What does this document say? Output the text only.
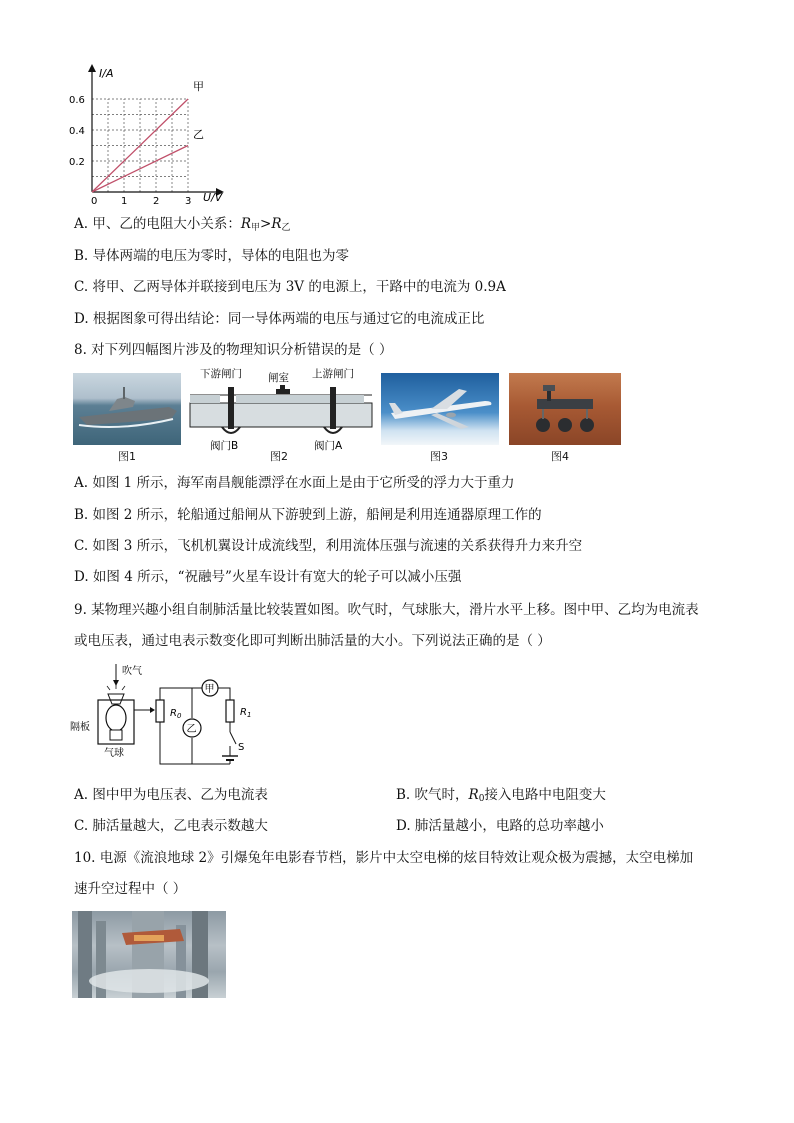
0 1	2	3
0.6
0.4
0.2
I/A
U/V
甲
乙
A. 甲、乙的电阻大小关系：$R_甲>R_乙$
B. 导体两端的电压为零时，导体的电阻也为零
C. 将甲、乙两导体并联接到电压为 3V 的电源上，干路中的电流为 0.9A
D. 根据图象可得出结论：同一导体两端的电压与通过它的电流成正比
8. 对下列四幅图片涉及的物理知识分析错误的是（ ）
下游闸门 闸室 上游闸门
阀门B	阀门A
图1	图2	图3	图4
A. 如图 1 所示，海军南昌舰能漂浮在水面上是由于它所受的浮力大于重力
B. 如图 2 所示，轮船通过船闸从下游驶到上游，船闸是利用连通器原理工作的
C. 如图 3 所示，飞机机翼设计成流线型，利用流体压强与流速的关系获得升力来升空
D. 如图 4 所示，“祝融号”火星车设计有宽大的轮子可以减小压强
9. 某物理兴趣小组自制肺活量比较装置如图。吹气时，气球胀大，滑片水平上移。图中甲、乙均为电流表
或电压表，通过电表示数变化即可判断出肺活量的大小。下列说法正确的是（ ）
吹气
隔板
气球
$R_0$
甲
乙
$R_1$
S
A. 图中甲为电压表、乙为电流表	B. 吹气时，$R_0$接入电路中电阻变大
C. 肺活量越大，乙电表示数越大	D. 肺活量越小，电路的总功率越小
10. 电源《流浪地球 2》引爆兔年电影春节档，影片中太空电梯的炫目特效让观众极为震撼，太空电梯加
速升空过程中（ ）
